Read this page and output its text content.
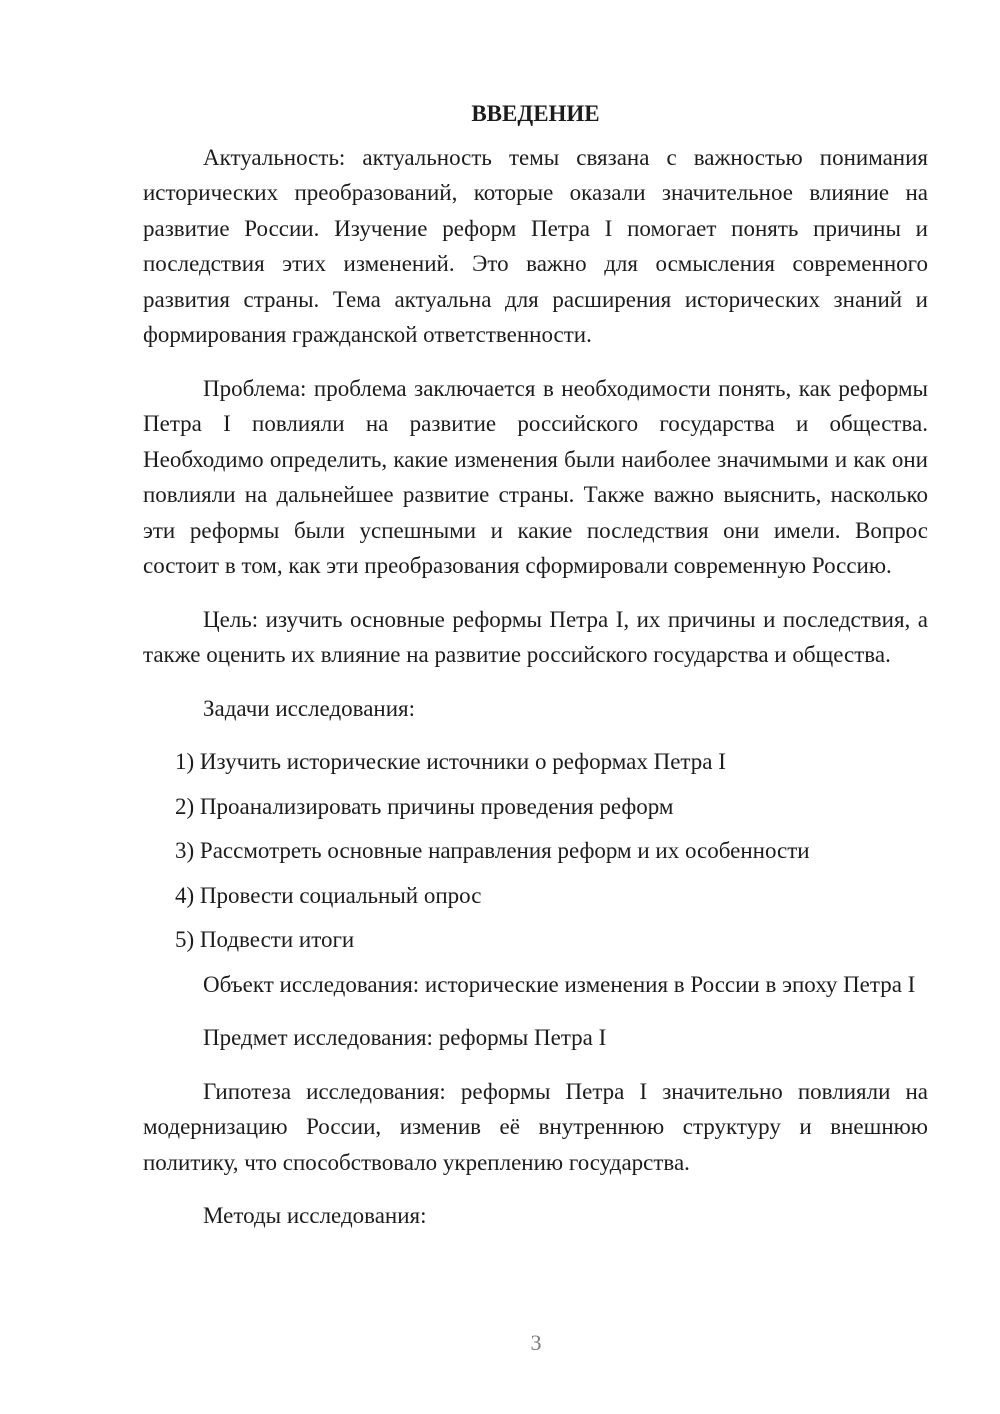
ВВЕДЕНИЕ

Актуальность: актуальность темы связана с важностью понимания исторических преобразований, которые оказали значительное влияние на развитие России. Изучение реформ Петра I помогает понять причины и последствия этих изменений. Это важно для осмысления современного развития страны. Тема актуальна для расширения исторических знаний и формирования гражданской ответственности.

Проблема: проблема заключается в необходимости понять, как реформы Петра I повлияли на развитие российского государства и общества. Необходимо определить, какие изменения были наиболее значимыми и как они повлияли на дальнейшее развитие страны. Также важно выяснить, насколько эти реформы были успешными и какие последствия они имели. Вопрос состоит в том, как эти преобразования сформировали современную Россию.

Цель: изучить основные реформы Петра I, их причины и последствия, а также оценить их влияние на развитие российского государства и общества.

Задачи исследования:

1) Изучить исторические источники о реформах Петра I
2) Проанализировать причины проведения реформ
3) Рассмотреть основные направления реформ и их особенности
4) Провести социальный опрос
5) Подвести итоги

Объект исследования: исторические изменения в России в эпоху Петра I

Предмет исследования: реформы Петра I

Гипотеза исследования: реформы Петра I значительно повлияли на модернизацию России, изменив её внутреннюю структуру и внешнюю политику, что способствовало укреплению государства.

Методы исследования:

3
